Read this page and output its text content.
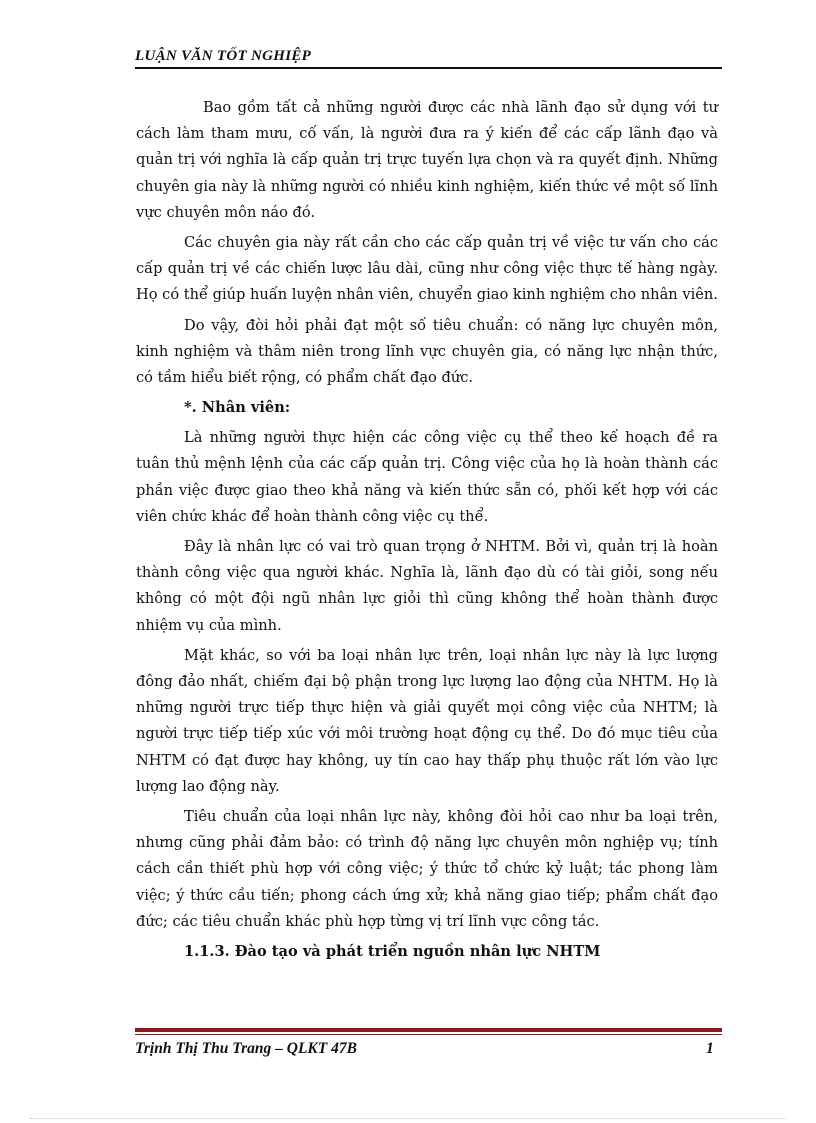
LUẬN VĂN TỐT NGHIỆP

Bao gồm tất cả những người được các nhà lãnh đạo sử dụng với tư cách làm tham mưu, cố vấn, là người đưa ra ý kiến để các cấp lãnh đạo và quản trị với nghĩa là cấp quản trị trực tuyến lựa chọn và ra quyết định. Những chuyên gia này là những người có nhiều kinh nghiệm, kiến thức về một số lĩnh vực chuyên môn náo đó.

Các chuyên gia này rất cần cho các cấp quản trị về việc tư vấn cho các cấp quản trị về các chiến lược lâu dài, cũng như công việc thực tế hàng ngày. Họ có thể giúp huấn luyện nhân viên, chuyển giao kinh nghiệm cho nhân viên.

Do vậy, đòi hỏi phải đạt một số tiêu chuẩn: có năng lực chuyên môn, kinh nghiệm và thâm niên trong lĩnh vực chuyên gia, có năng lực nhận thức, có tầm hiểu biết rộng, có phẩm chất đạo đức.

*. Nhân viên:

Là những người thực hiện các công việc cụ thể theo kế hoạch đề ra tuân thủ mệnh lệnh của các cấp quản trị. Công việc của họ là hoàn thành các phần việc được giao theo khả năng và kiến thức sẵn có, phối kết hợp với các viên chức khác để hoàn thành công việc cụ thể.

Đây là nhân lực có vai trò quan trọng ở NHTM. Bởi vì, quản trị là hoàn thành công việc qua người khác. Nghĩa là, lãnh đạo dù có tài giỏi, song nếu không có một đội ngũ nhân lực giỏi thì cũng không thể hoàn thành được nhiệm vụ của mình.

Mặt khác, so với ba loại nhân lực trên, loại nhân lực này là lực lượng đông đảo nhất, chiếm đại bộ phận trong lực lượng lao động của NHTM. Họ là những người trực tiếp thực hiện và giải quyết mọi công việc của NHTM; là người trực tiếp tiếp xúc với môi trường hoạt động cụ thể. Do đó mục tiêu của NHTM có đạt được hay không, uy tín cao hay thấp phụ thuộc rất lớn vào lực lượng lao động này.

Tiêu chuẩn của loại nhân lực này, không đòi hỏi cao như ba loại trên, nhưng cũng phải đảm bảo: có trình độ năng lực chuyên môn nghiệp vụ; tính cách cần thiết phù hợp với công việc; ý thức tổ chức kỷ luật; tác phong làm việc; ý thức cầu tiến; phong cách ứng xử; khả năng giao tiếp; phẩm chất đạo đức; các tiêu chuẩn khác phù hợp từng vị trí lĩnh vực công tác.

1.1.3. Đào tạo và phát triển nguồn nhân lực NHTM

Trịnh Thị Thu Trang – QLKT 47B	1
